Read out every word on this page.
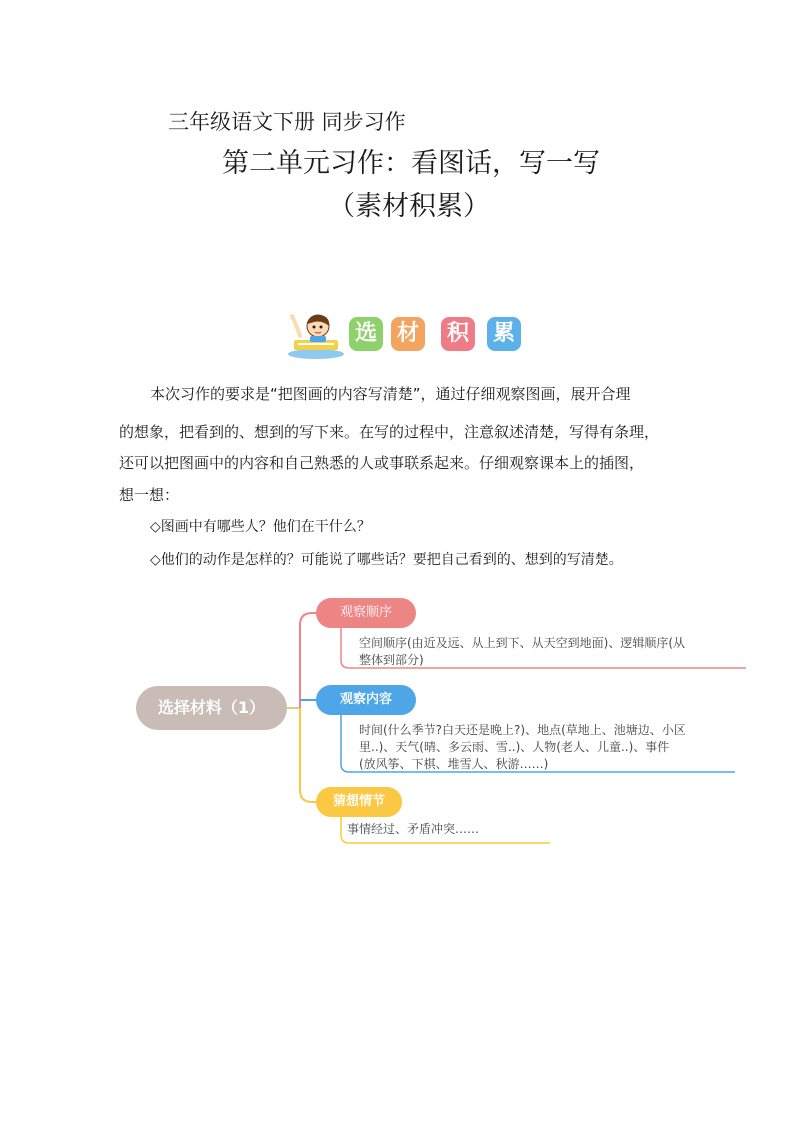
三年级语文下册 同步习作
第二单元习作：看图话，写一写
（素材积累）
选 材 积 累
本次习作的要求是“把图画的内容写清楚”，通过仔细观察图画，展开合理
的想象，把看到的、想到的写下来。在写的过程中，注意叙述清楚，写得有条理，
还可以把图画中的内容和自己熟悉的人或事联系起来。仔细观察课本上的插图，
想一想：
◇图画中有哪些人？他们在干什么？
◇他们的动作是怎样的？可能说了哪些话？要把自己看到的、想到的写清楚。
选择材料（1）
观察顺序
空间顺序(由近及远、从上到下、从天空到地面)、逻辑顺序(从
整体到部分)
观察内容
时间(什么季节?白天还是晚上?)、地点(草地上、池塘边、小区
里..)、天气(晴、多云雨、雪..)、人物(老人、儿童..)、事件
(放风筝、下棋、堆雪人、秋游……)
猜想情节
事情经过、矛盾冲突……
